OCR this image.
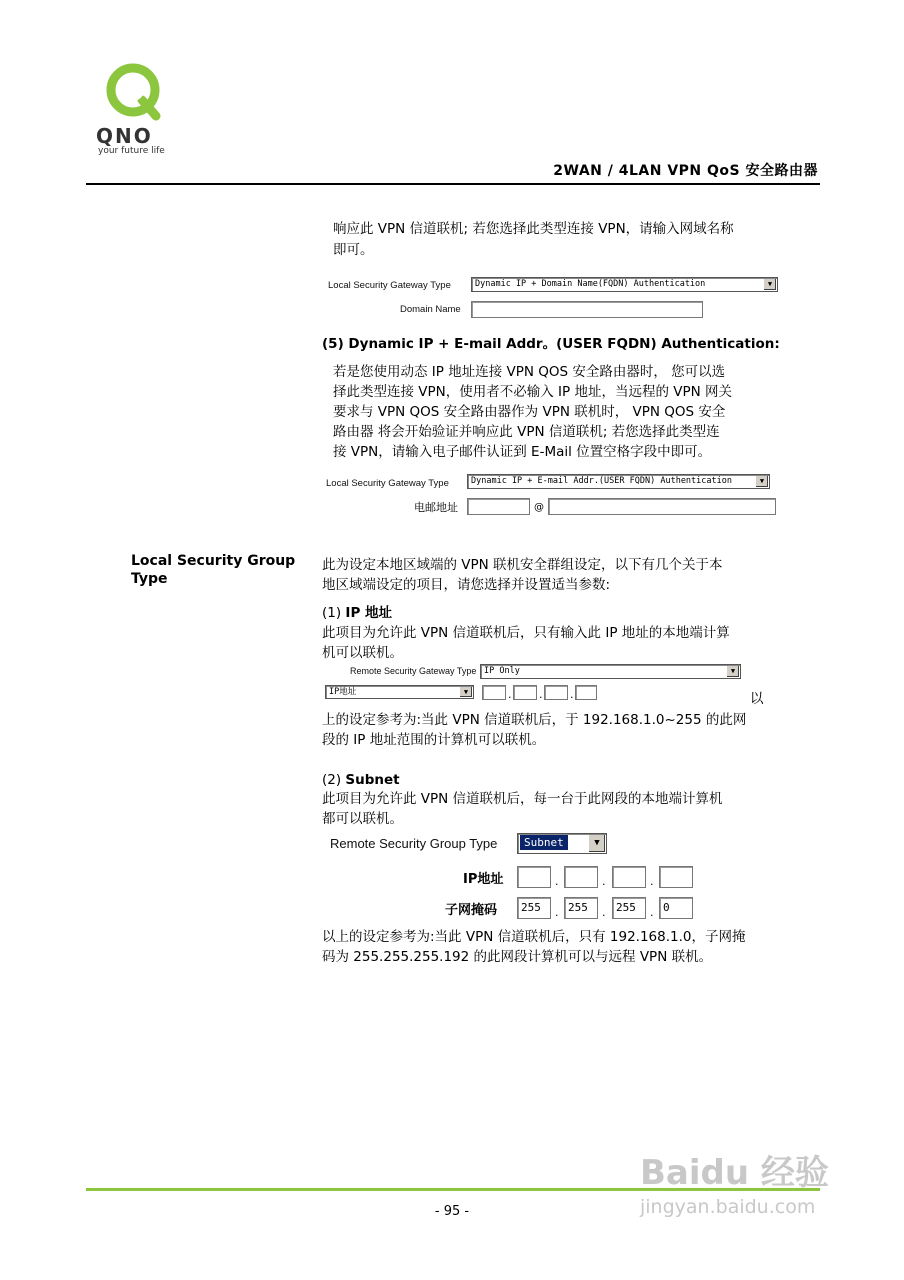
QNO
your future life
2WAN / 4LAN VPN QoS 安全路由器
响应此 VPN 信道联机; 若您选择此类型连接 VPN，请输入网域名称
即可。
Local Security Gateway Type	Dynamic IP + Domain Name(FQDN) Authentication	▼
Domain Name
(5) Dynamic IP + E-mail Addr。(USER FQDN) Authentication:
若是您使用动态 IP 地址连接 VPN QOS 安全路由器时， 您可以选
择此类型连接 VPN，使用者不必输入 IP 地址，当远程的 VPN 网关
要求与 VPN QOS 安全路由器作为 VPN 联机时， VPN QOS 安全
路由器 将会开始验证并响应此 VPN 信道联机; 若您选择此类型连
接 VPN，请输入电子邮件认证到 E-Mail 位置空格字段中即可。
Local Security Gateway Type	Dynamic IP + E-mail Addr.(USER FQDN) Authentication	▼
电邮地址	@
Local Security Group
Type
此为设定本地区域端的 VPN 联机安全群组设定，以下有几个关于本
地区域端设定的项目，请您选择并设置适当参数:
(1) IP 地址
此项目为允许此 VPN 信道联机后，只有输入此 IP 地址的本地端计算
机可以联机。
Remote Security Gateway Type IP Only	▼
IP地址	▼	.	.	.	以
上的设定参考为:当此 VPN 信道联机后，于 192.168.1.0~255 的此网
段的 IP 地址范围的计算机可以联机。
(2) Subnet
此项目为允许此 VPN 信道联机后，每一台于此网段的本地端计算机
都可以联机。
Remote Security Group Type	Subnet	▼
IP地址	.	.	.
子网掩码	255	. 255	. 255	. 0
以上的设定参考为:当此 VPN 信道联机后，只有 192.168.1.0，子网掩
码为 255.255.255.192 的此网段计算机可以与远程 VPN 联机。
- 95 -
Baidu 经验
jingyan.baidu.com
